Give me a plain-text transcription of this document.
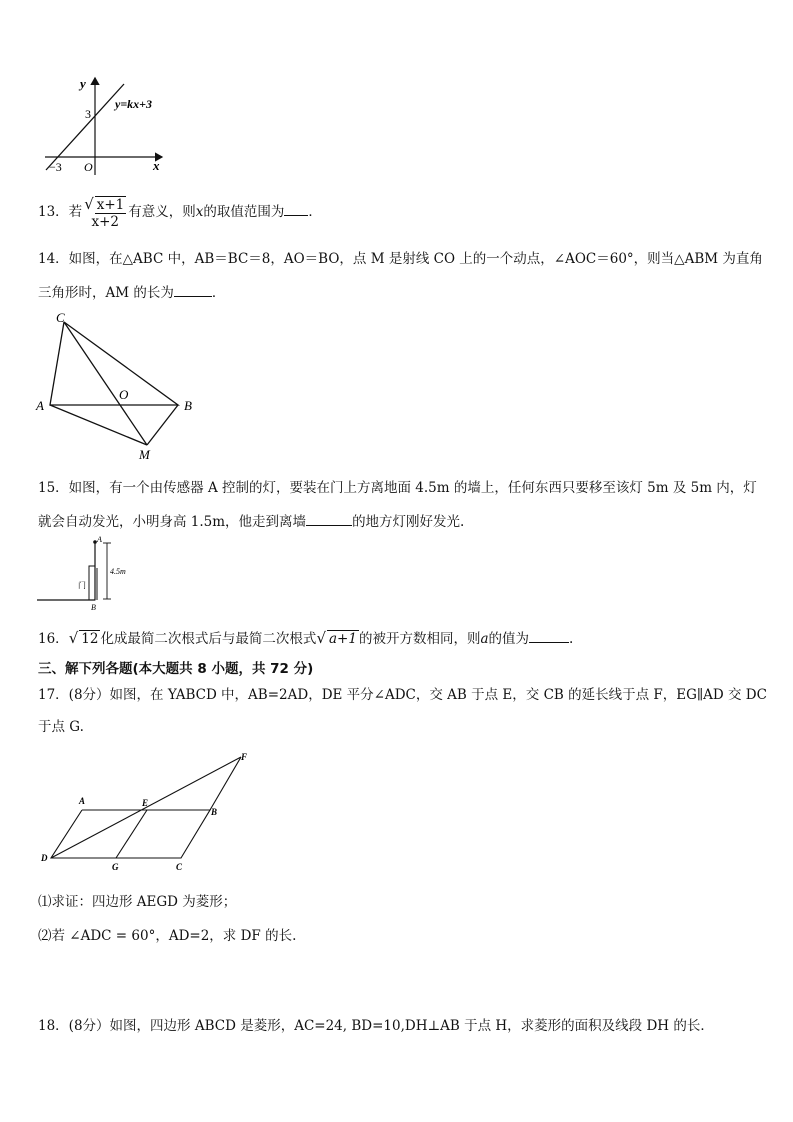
y
x
O
3
−3
y=kx+3
13．若 √ x+1
x+2
有意义，则x的取值范围为 ．
14．如图，在△ABC 中，AB＝BC＝8，AO＝BO，点 M 是射线 CO 上的一个动点，∠AOC＝60°，则当△ABM 为直角
三角形时，AM 的长为	．
C
A
O
B
M
15．如图，有一个由传感器 A 控制的灯，要装在门上方离地面 4.5m 的墙上，任何东西只要移至该灯 5m 及 5m 内，灯
就会自动发光，小明身高 1.5m，他走到离墙	的地方灯刚好发光.
A
B
4.5m
门
16．√ 12 化成最简二次根式后与最简二次根式√ a+1 的被开方数相同，则a的值为	.
三、解下列各题(本大题共 8 小题，共 72 分)
17．(8分）如图，在 YABCD 中，AB=2AD，DE 平分∠ADC，交 AB 于点 E，交 CB 的延长线于点 F，EG∥AD 交 DC
于点 G.
A	E
B
F
D
G	C
⑴求证：四边形 AEGD 为菱形；
⑵若 ∠ADC = 60°，AD=2，求 DF 的长.
18．(8分）如图，四边形 ABCD 是菱形，AC=24, BD=10,DH⊥AB 于点 H，求菱形的面积及线段 DH 的长．
